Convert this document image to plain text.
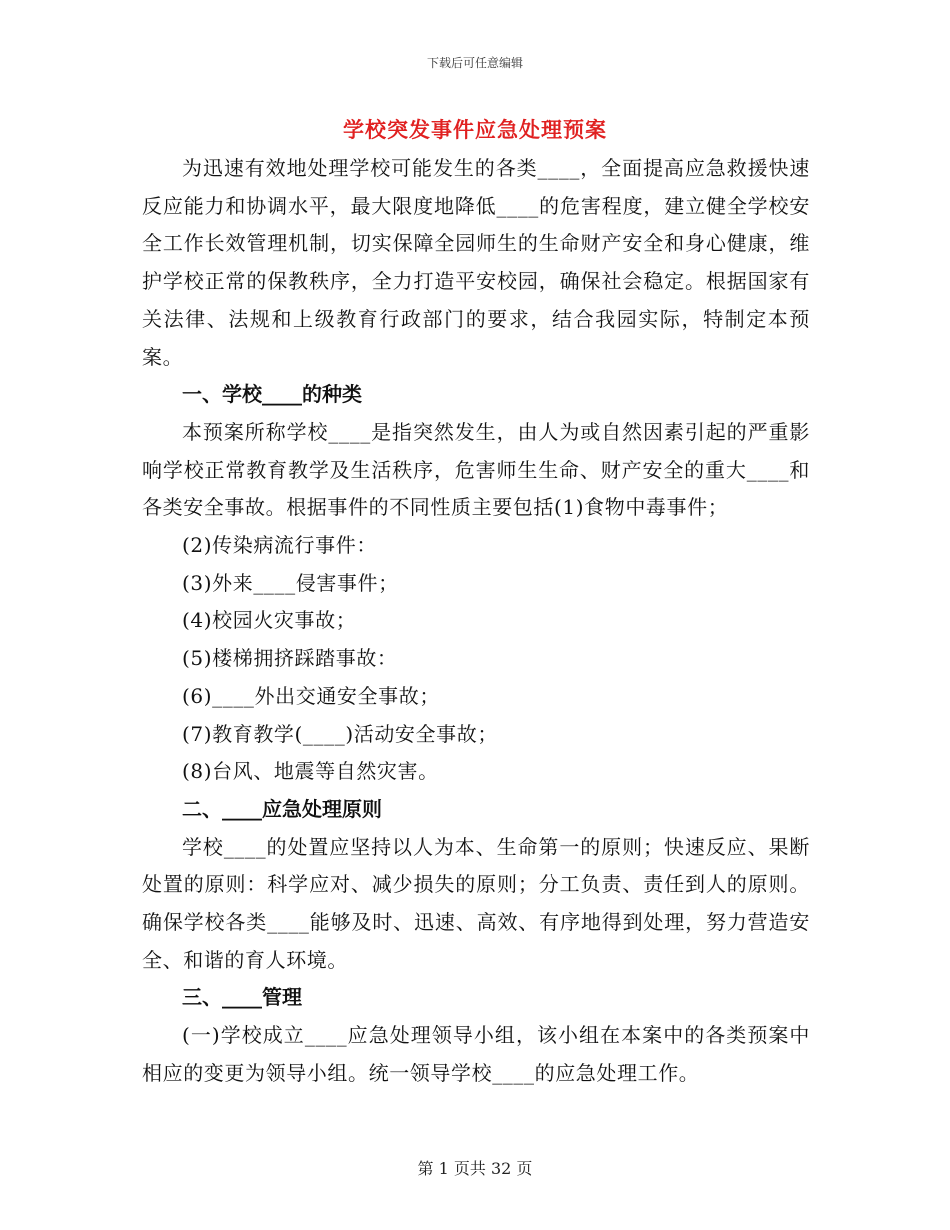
下载后可任意编辑
学校突发事件应急处理预案

为迅速有效地处理学校可能发生的各类____，全面提高应急救援快速反应能力和协调水平，最大限度地降低____的危害程度，建立健全学校安全工作长效管理机制，切实保障全园师生的生命财产安全和身心健康，维护学校正常的保教秩序，全力打造平安校园，确保社会稳定。根据国家有关法律、法规和上级教育行政部门的要求，结合我园实际，特制定本预案。

一、学校____的种类

本预案所称学校____是指突然发生，由人为或自然因素引起的严重影响学校正常教育教学及生活秩序，危害师生生命、财产安全的重大____和各类安全事故。根据事件的不同性质主要包括(1)食物中毒事件；

(2)传染病流行事件：

(3)外来____侵害事件；

(4)校园火灾事故；

(5)楼梯拥挤踩踏事故：

(6)____外出交通安全事故；

(7)教育教学(____)活动安全事故；

(8)台风、地震等自然灾害。

二、____应急处理原则

学校____的处置应坚持以人为本、生命第一的原则；快速反应、果断处置的原则：科学应对、减少损失的原则；分工负责、责任到人的原则。确保学校各类____能够及时、迅速、高效、有序地得到处理，努力营造安全、和谐的育人环境。

三、____管理

(一)学校成立____应急处理领导小组，该小组在本案中的各类预案中相应的变更为领导小组。统一领导学校____的应急处理工作。

第 1 页共 32 页
